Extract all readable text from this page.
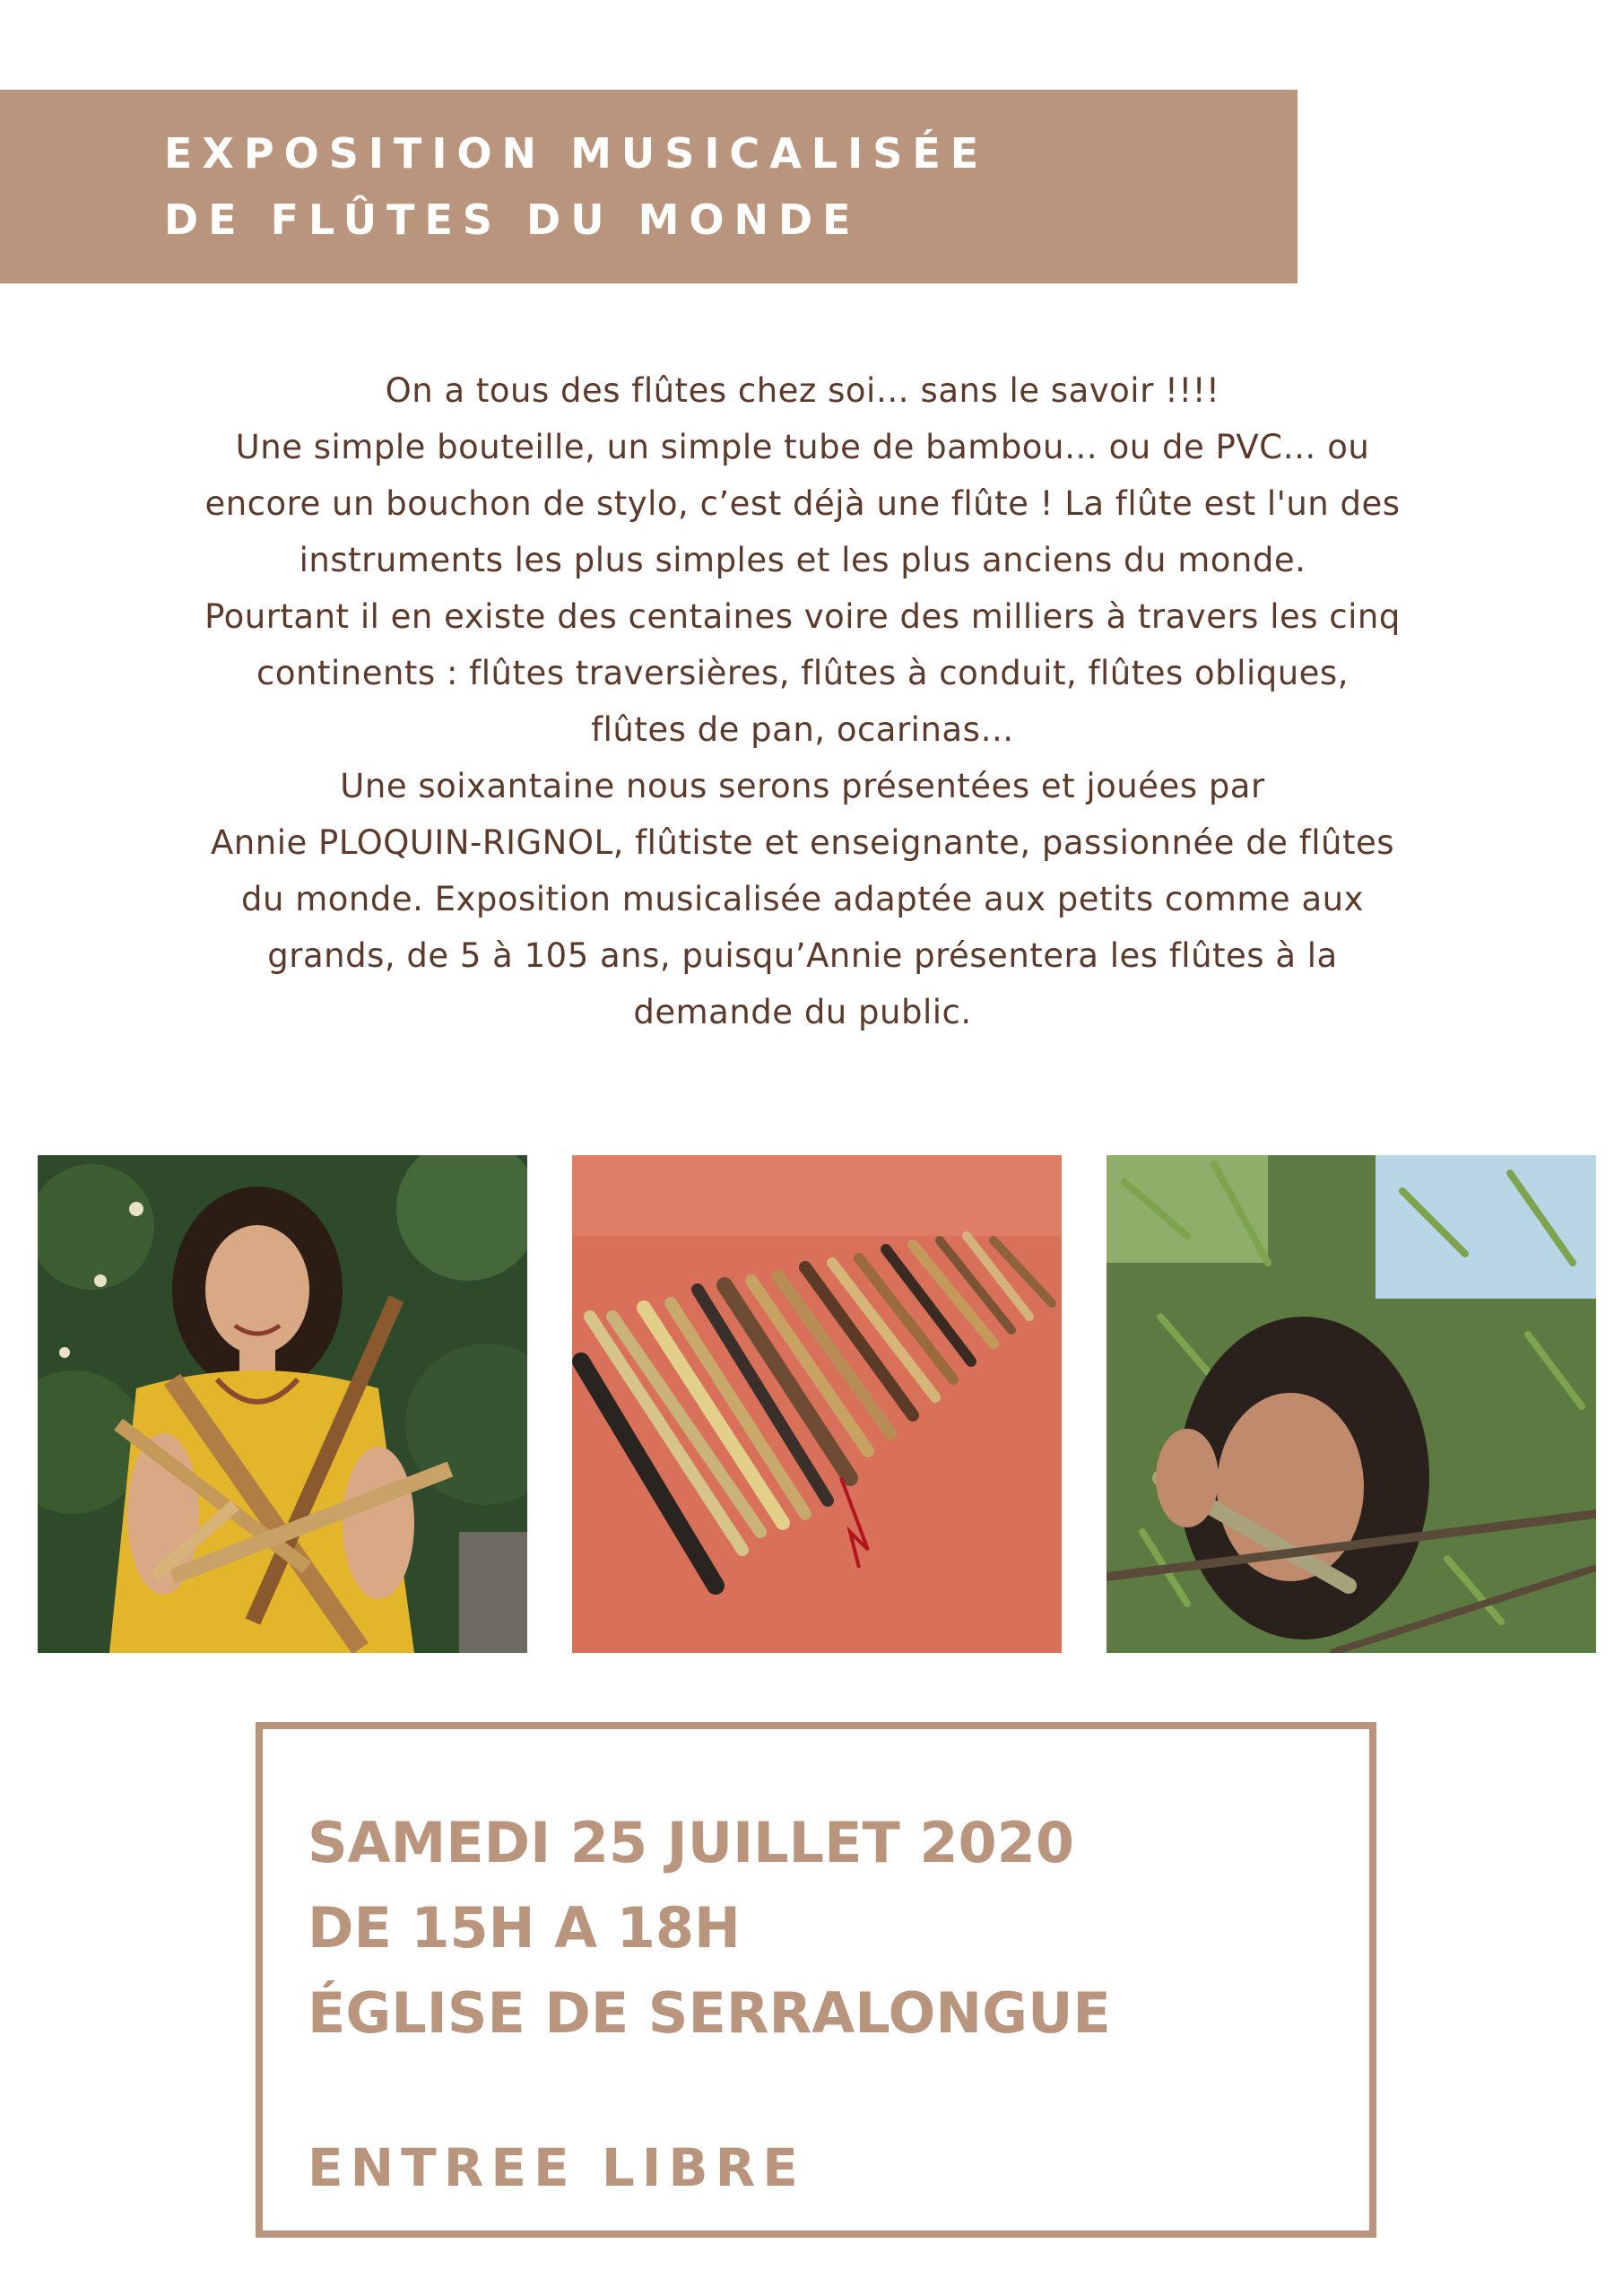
EXPOSITION MUSICALISÉE
DE FLÛTES DU MONDE
On a tous des flûtes chez soi… sans le savoir !!!!
Une simple bouteille, un simple tube de bambou… ou de PVC… ou
encore un bouchon de stylo, c’est déjà une flûte ! La flûte est l'un des
instruments les plus simples et les plus anciens du monde.
Pourtant il en existe des centaines voire des milliers à travers les cinq
continents : flûtes traversières, flûtes à conduit, flûtes obliques,
flûtes de pan, ocarinas…
Une soixantaine nous serons présentées et jouées par
Annie PLOQUIN-RIGNOL, flûtiste et enseignante, passionnée de flûtes
du monde. Exposition musicalisée adaptée aux petits comme aux
grands, de 5 à 105 ans, puisqu’Annie présentera les flûtes à la
demande du public.
SAMEDI 25 JUILLET 2020
DE 15H A 18H
ÉGLISE DE SERRALONGUE
ENTREE LIBRE
